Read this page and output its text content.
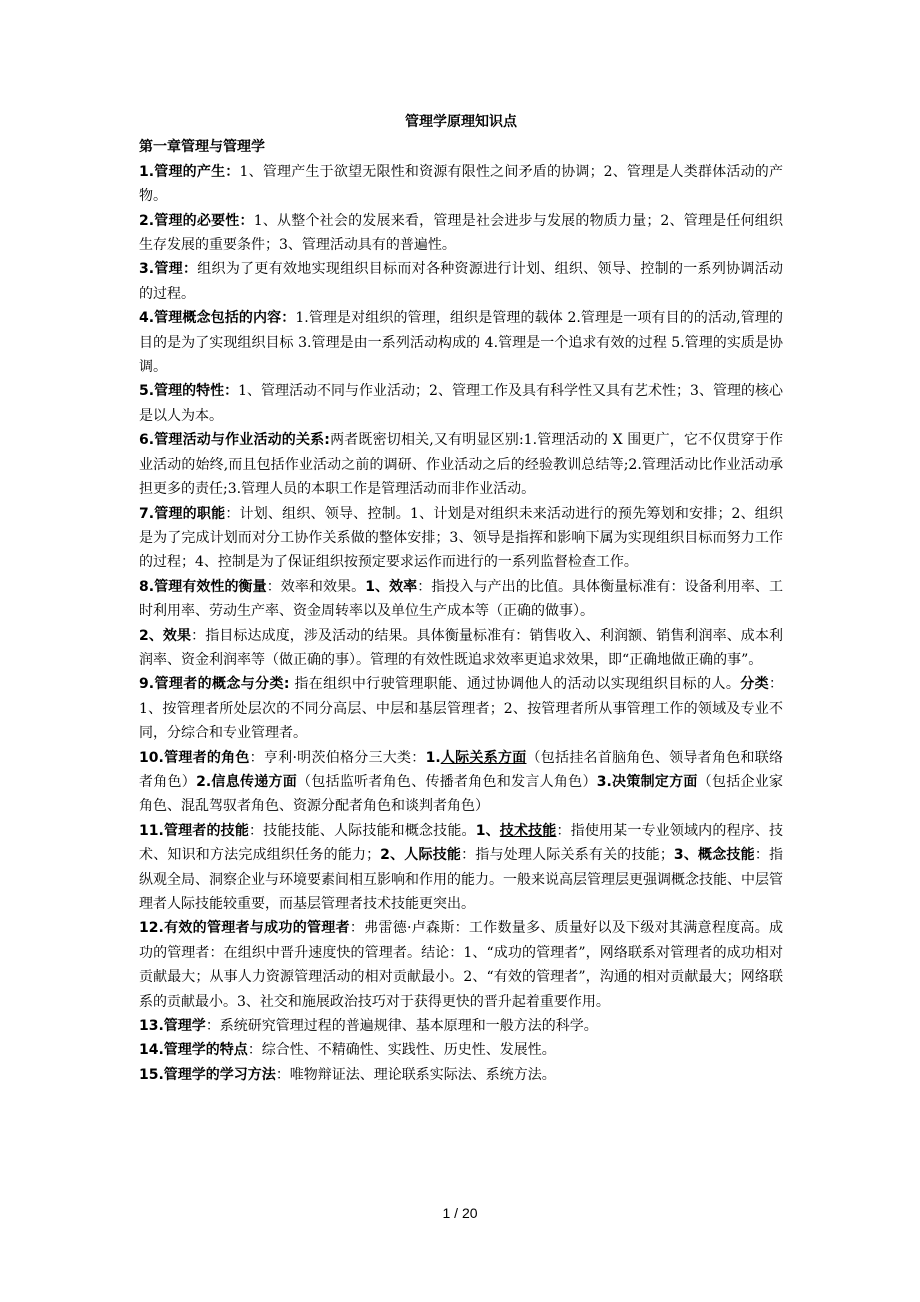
管理学原理知识点
第一章管理与管理学

1.管理的产生：1、管理产生于欲望无限性和资源有限性之间矛盾的协调；2、管理是人类群体活动的产物。

2.管理的必要性：1、从整个社会的发展来看，管理是社会进步与发展的物质力量；2、管理是任何组织生存发展的重要条件；3、管理活动具有的普遍性。

3.管理：组织为了更有效地实现组织目标而对各种资源进行计划、组织、领导、控制的一系列协调活动的过程。

4.管理概念包括的内容：1.管理是对组织的管理，组织是管理的载体 2.管理是一项有目的的活动,管理的目的是为了实现组织目标 3.管理是由一系列活动构成的 4.管理是一个追求有效的过程 5.管理的实质是协调。

5.管理的特性：1、管理活动不同与作业活动；2、管理工作及具有科学性又具有艺术性；3、管理的核心是以人为本。

6.管理活动与作业活动的关系:两者既密切相关,又有明显区别:1.管理活动的 X 围更广，它不仅贯穿于作业活动的始终,而且包括作业活动之前的调研、作业活动之后的经验教训总结等;2.管理活动比作业活动承担更多的责任;3.管理人员的本职工作是管理活动而非作业活动。

7.管理的职能：计划、组织、领导、控制。1、计划是对组织未来活动进行的预先筹划和安排；2、组织是为了完成计划而对分工协作关系做的整体安排；3、领导是指挥和影响下属为实现组织目标而努力工作的过程；4、控制是为了保证组织按预定要求运作而进行的一系列监督检查工作。

8.管理有效性的衡量：效率和效果。1、效率：指投入与产出的比值。具体衡量标准有：设备利用率、工时利用率、劳动生产率、资金周转率以及单位生产成本等（正确的做事）。

2、效果：指目标达成度，涉及活动的结果。具体衡量标准有：销售收入、利润额、销售利润率、成本利润率、资金利润率等（做正确的事）。管理的有效性既追求效率更追求效果，即“正确地做正确的事”。

9.管理者的概念与分类: 指在组织中行驶管理职能、通过协调他人的活动以实现组织目标的人。分类：1、按管理者所处层次的不同分高层、中层和基层管理者；2、按管理者所从事管理工作的领域及专业不同，分综合和专业管理者。

10.管理者的角色：亨利·明茨伯格分三大类：1.人际关系方面（包括挂名首脑角色、领导者角色和联络者角色）2.信息传递方面（包括监听者角色、传播者角色和发言人角色）3.决策制定方面（包括企业家角色、混乱驾驭者角色、资源分配者角色和谈判者角色）

11.管理者的技能：技能技能、人际技能和概念技能。1、技术技能：指使用某一专业领域内的程序、技术、知识和方法完成组织任务的能力；2、人际技能：指与处理人际关系有关的技能；3、概念技能：指纵观全局、洞察企业与环境要素间相互影响和作用的能力。一般来说高层管理层更强调概念技能、中层管理者人际技能较重要，而基层管理者技术技能更突出。

12.有效的管理者与成功的管理者：弗雷德·卢森斯：工作数量多、质量好以及下级对其满意程度高。成功的管理者：在组织中晋升速度快的管理者。结论：1、“成功的管理者”，网络联系对管理者的成功相对贡献最大；从事人力资源管理活动的相对贡献最小。2、“有效的管理者”，沟通的相对贡献最大；网络联系的贡献最小。3、社交和施展政治技巧对于获得更快的晋升起着重要作用。

13.管理学：系统研究管理过程的普遍规律、基本原理和一般方法的科学。

14.管理学的特点：综合性、不精确性、实践性、历史性、发展性。

15.管理学的学习方法：唯物辩证法、理论联系实际法、系统方法。

1 / 20
